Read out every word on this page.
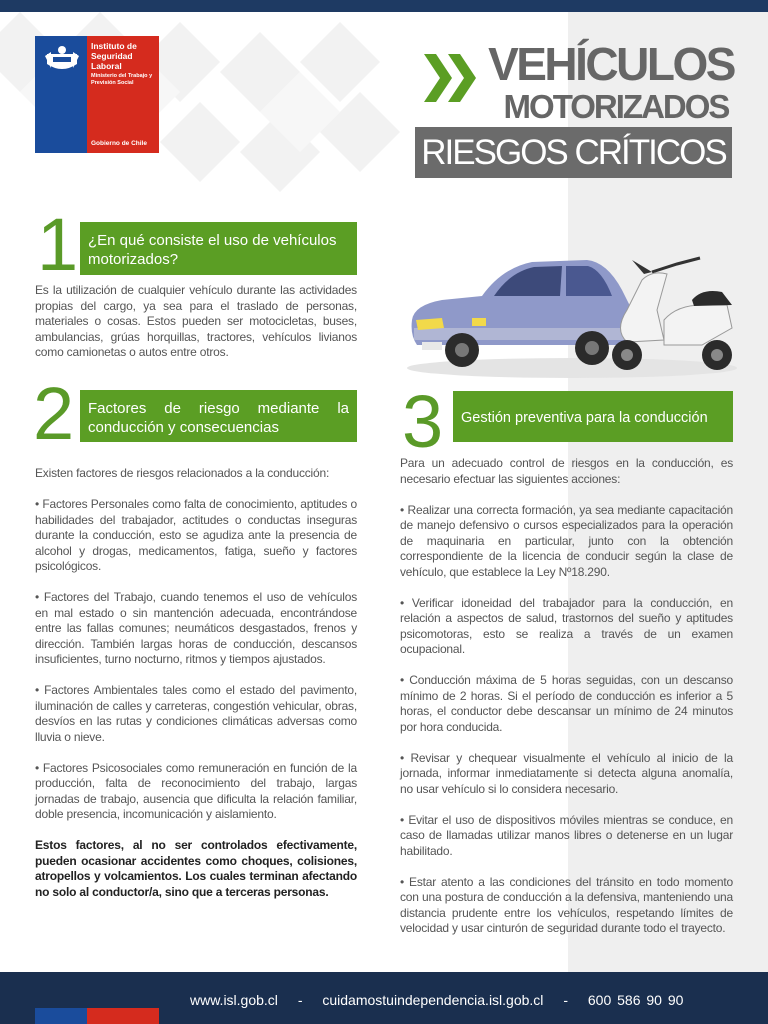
Instituto de Seguridad Laboral
Ministerio del Trabajo y Previsión Social
Gobierno de Chile
VEHÍCULOS
MOTORIZADOS
RIESGOS CRÍTICOS
1 ¿En qué consiste el uso de vehículos motorizados?
Es la utilización de cualquier vehículo durante las actividades propias del cargo, ya sea para el traslado de personas, materiales o cosas. Estos pueden ser motocicletas, buses, ambulancias, grúas horquillas, tractores, vehículos livianos como camionetas o autos entre otros.
2 Factores de riesgo mediante la
conducción y consecuencias

Existen factores de riesgos relacionados a la conducción:

• Factores Personales como falta de conocimiento, aptitudes o habilidades del trabajador, actitudes o conductas inseguras durante la conducción, esto se agudiza ante la presencia de alcohol y drogas, medicamentos, fatiga, sueño y factores psicológicos.

• Factores del Trabajo, cuando tenemos el uso de vehículos en mal estado o sin mantención adecuada, encontrándose entre las fallas comunes; neumáticos desgastados, frenos y dirección. También largas horas de conducción, descansos insuficientes, turno nocturno, ritmos y tiempos ajustados.

• Factores Ambientales tales como el estado del pavimento, iluminación de calles y carreteras, congestión vehicular, obras, desvíos en las rutas y condiciones climáticas adversas como lluvia o nieve.

• Factores Psicosociales como remuneración en función de la producción, falta de reconocimiento del trabajo, largas jornadas de trabajo, ausencia que dificulta la relación familiar, doble presencia, incomunicación y aislamiento.

Estos factores, al no ser controlados efectivamente, pueden ocasionar accidentes como choques, colisiones, atropellos y volcamientos. Los cuales terminan afectando no solo al conductor/a, sino que a terceras personas.

3	Gestión preventiva para la conducción

Para un adecuado control de riesgos en la conducción, es necesario efectuar las siguientes acciones:

• Realizar una correcta formación, ya sea mediante capacitación de manejo defensivo o cursos especializados para la operación de maquinaria en particular, junto con la obtención correspondiente de la licencia de conducir según la clase de vehículo, que establece la Ley Nº18.290.

• Verificar idoneidad del trabajador para la conducción, en relación a aspectos de salud, trastornos del sueño y aptitudes psicomotoras, esto se realiza a través de un examen ocupacional.

• Conducción máxima de 5 horas seguidas, con un descanso mínimo de 2 horas. Si el período de conducción es inferior a 5 horas, el conductor debe descansar un mínimo de 24 minutos por hora conducida.

• Revisar y chequear visualmente el vehículo al inicio de la jornada, informar inmediatamente si detecta alguna anomalía, no usar vehículo si lo considera necesario.

• Evitar el uso de dispositivos móviles mientras se conduce, en caso de llamadas utilizar manos libres o detenerse en un lugar habilitado.

• Estar atento a las condiciones del tránsito en todo momento con una postura de conducción a la defensiva, manteniendo una distancia prudente entre los vehículos, respetando límites de velocidad y usar cinturón de seguridad durante todo el trayecto.

www.isl.gob.cl - cuidamostuindependencia.isl.gob.cl - 600 586 90 90
